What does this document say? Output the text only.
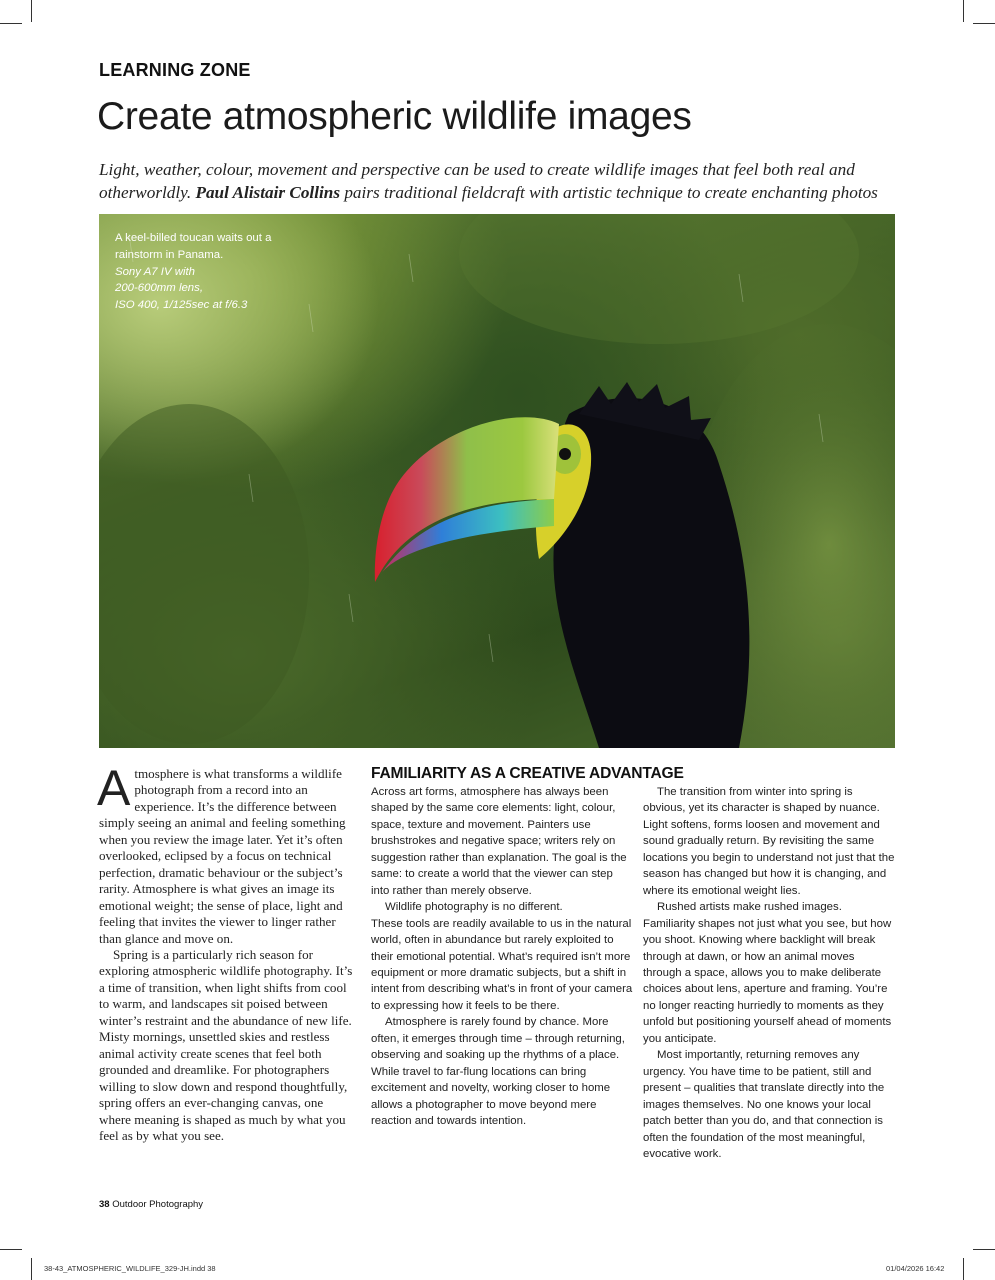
LEARNING ZONE
Create atmospheric wildlife images

Light, weather, colour, movement and perspective can be used to create wildlife images that feel both real and otherworldly. Paul Alistair Collins pairs traditional fieldcraft with artistic technique to create enchanting photos

A keel-billed toucan waits out a rainstorm in Panama.
Sony A7 IV with
200-600mm lens,
ISO 400, 1/125sec at f/6.3

Atmosphere is what transforms a wildlife photograph from a record into an experience. It’s the difference between simply seeing an animal and feeling something when you review the image later. Yet it’s often overlooked, eclipsed by a focus on technical perfection, dramatic behaviour or the subject’s rarity. Atmosphere is what gives an image its emotional weight; the sense of place, light and feeling that invites the viewer to linger rather than glance and move on.

Spring is a particularly rich season for exploring atmospheric wildlife photography. It’s a time of transition, when light shifts from cool to warm, and landscapes sit poised between winter’s restraint and the abundance of new life. Misty mornings, unsettled skies and restless animal activity create scenes that feel both grounded and dreamlike. For photographers willing to slow down and respond thoughtfully, spring offers an ever-changing canvas, one where meaning is shaped as much by what you feel as by what you see.

FAMILIARITY AS A CREATIVE ADVANTAGE

Across art forms, atmosphere has always been shaped by the same core elements: light, colour, space, texture and movement. Painters use brushstrokes and negative space; writers rely on suggestion rather than explanation. The goal is the same: to create a world that the viewer can step into rather than merely observe.

Wildlife photography is no different.

These tools are readily available to us in the natural world, often in abundance but rarely exploited to their emotional potential. What’s required isn’t more equipment or more dramatic subjects, but a shift in intent from describing what’s in front of your camera to expressing how it feels to be there.

Atmosphere is rarely found by chance. More often, it emerges through time – through returning, observing and soaking up the rhythms of a place. While travel to far-flung locations can bring excitement and novelty, working closer to home allows a photographer to move beyond mere reaction and towards intention.

The transition from winter into spring is obvious, yet its character is shaped by nuance. Light softens, forms loosen and movement and sound gradually return. By revisiting the same locations you begin to understand not just that the season has changed but how it is changing, and where its emotional weight lies.

Rushed artists make rushed images. Familiarity shapes not just what you see, but how you shoot. Knowing where backlight will break through at dawn, or how an animal moves through a space, allows you to make deliberate choices about lens, aperture and framing. You’re no longer reacting hurriedly to moments as they unfold but positioning yourself ahead of moments you anticipate.

Most importantly, returning removes any urgency. You have time to be patient, still and present – qualities that translate directly into the images themselves. No one knows your local patch better than you do, and that connection is often the foundation of the most meaningful, evocative work.

38 Outdoor Photography
38-43_ATMOSPHERIC_WILDLIFE_329-JH.indd 38	01/04/2026 16:42
